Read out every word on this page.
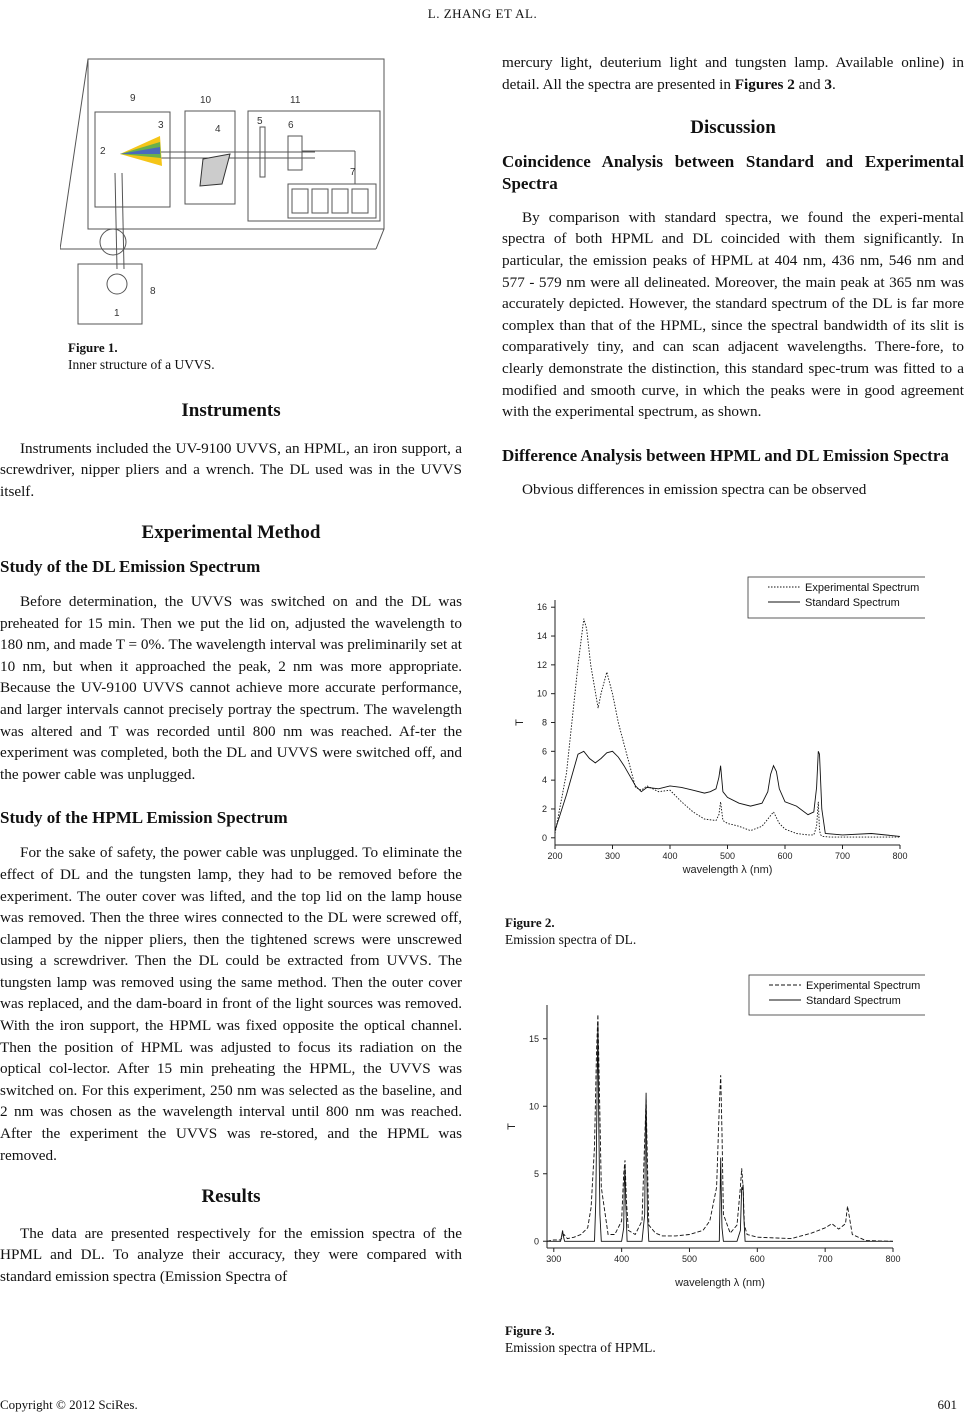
L. ZHANG ET AL.
1
2
3	4
5	6
7
8
9	10	11
Figure 1.
Inner structure of a UVVS.
Instruments

Instruments included the UV-9100 UVVS, an HPML, an iron support, a screwdriver, nipper pliers and a wrench. The DL used was in the UVVS itself.

Experimental Method
Study of the DL Emission Spectrum

Before determination, the UVVS was switched on and the DL was preheated for 15 min. Then we put the lid on, adjusted the wavelength to 180 nm, and made T = 0%. The wavelength interval was preliminarily set at 10 nm, but when it approached the peak, 2 nm was more appropriate. Because the UV-9100 UVVS cannot achieve more accurate performance, and larger intervals cannot precisely portray the spectrum. The wavelength was altered and T was recorded until 800 nm was reached. Af-ter the experiment was completed, both the DL and UVVS were switched off, and the power cable was unplugged.

Study of the HPML Emission Spectrum

For the sake of safety, the power cable was unplugged. To eliminate the effect of DL and the tungsten lamp, they had to be removed before the experiment. The outer cover was lifted, and the top lid on the lamp house was removed. Then the three wires connected to the DL were screwed off, clamped by the nipper pliers, then the tightened screws were unscrewed using a screwdriver. Then the DL could be extracted from UVVS. The tungsten lamp was removed using the same method. Then the outer cover was replaced, and the dam-board in front of the light sources was removed. With the iron support, the HPML was fixed opposite the optical channel. Then the position of HPML was adjusted to focus its radiation on the optical col-lector. After 15 min preheating the HPML, the UVVS was switched on. For this experiment, 250 nm was selected as the baseline, and 2 nm was chosen as the wavelength interval until 800 nm was reached. After the experiment the UVVS was re-stored, and the HPML was removed.

Results

The data are presented respectively for the emission spectra of the HPML and DL. To analyze their accuracy, they were compared with standard emission spectra (Emission Spectra of

mercury light, deuterium light and tungsten lamp. Available online) in detail. All the spectra are presented in Figures 2 and 3.

Discussion
Coincidence Analysis between Standard and Experimental Spectra

By comparison with standard spectra, we found the experi-mental spectra of both HPML and DL coincided with them significantly. In particular, the emission peaks of HPML at 404 nm, 436 nm, 546 nm and 577 - 579 nm were all delineated. Moreover, the main peak at 365 nm was accurately depicted. However, the standard spectrum of the DL is far more complex than that of the HPML, since the spectral bandwidth of its slit is comparatively tiny, and can scan adjacent wavelengths. There-fore, to clearly demonstrate the distinction, this standard spec-trum was fitted to a modified and smooth curve, in which the peaks were in good agreement with the experimental spectrum, as shown.

Difference Analysis between HPML and DL Emission Spectra

Obvious differences in emission spectra can be observed

200	300	400	500	600	700	800
0
2
4
6
8
10
12
14
16
wavelength λ (nm)
T
Experimental Spectrum
Standard Spectrum
Figure 2.
Emission spectra of DL.
300	400	500	600	700	800
0
5
10
15
wavelength λ (nm)
T
Experimental Spectrum
Standard Spectrum
Figure 3.
Emission spectra of HPML.
Copyright © 2012 SciRes.	601
